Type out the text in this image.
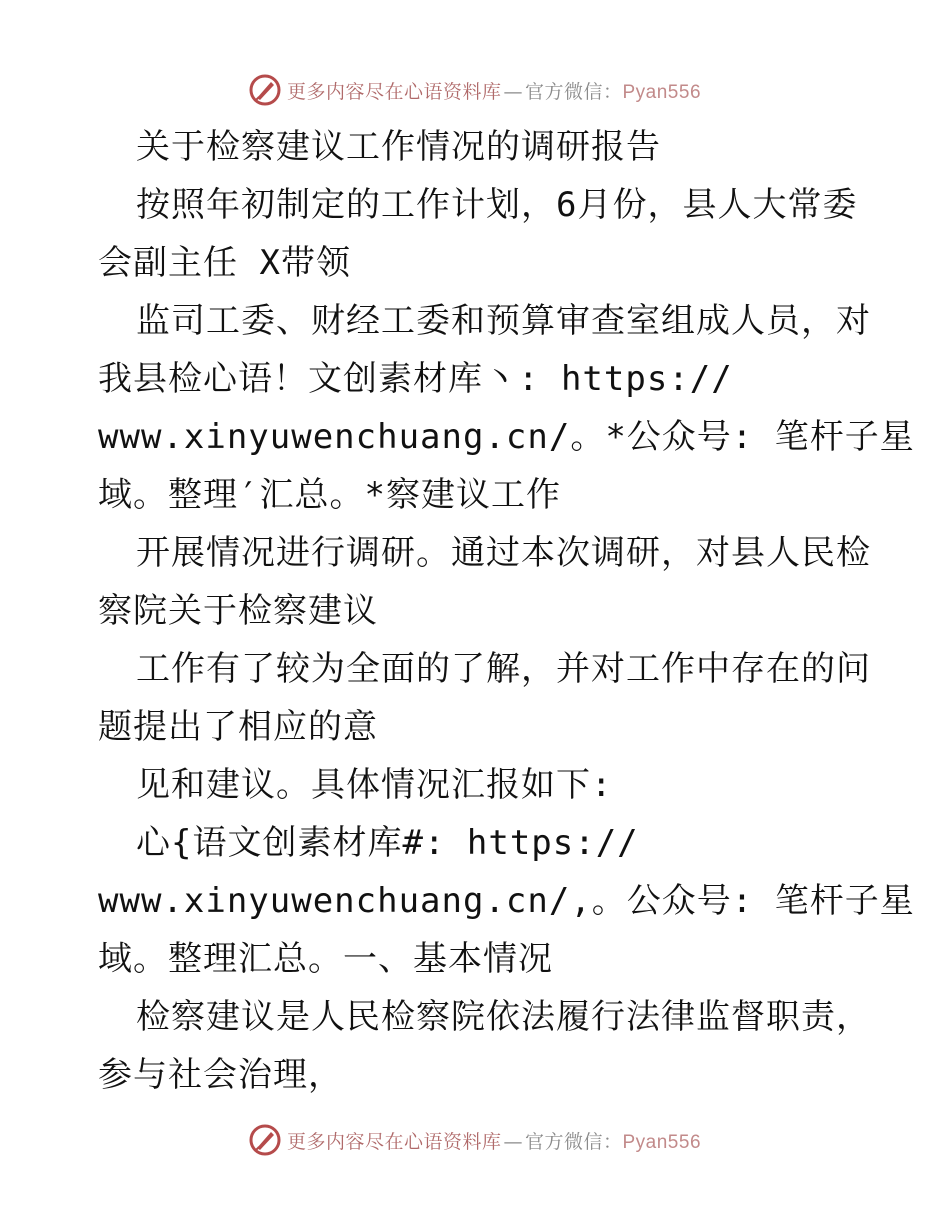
更多内容尽在心语资料库 — 官方微信：Pyan556
关于检察建议工作情况的调研报告
按照年初制定的工作计划，6月份，县人大常委
会副主任 X带领
监司工委、财经工委和预算审查室组成人员，对
我县检心语！文创素材库丶: https://
www.xinyuwenchuang.cn/。*公众号: 笔杆子星
域。整理′汇总。*察建议工作
开展情况进行调研。通过本次调研，对县人民检
察院关于检察建议
工作有了较为全面的了解，并对工作中存在的问
题提出了相应的意
见和建议。具体情况汇报如下:
心{语文创素材库#: https://
www.xinyuwenchuang.cn/,。公众号: 笔杆子星
域。整理汇总。一、基本情况
检察建议是人民检察院依法履行法律监督职责，
参与社会治理，
更多内容尽在心语资料库 — 官方微信：Pyan556
